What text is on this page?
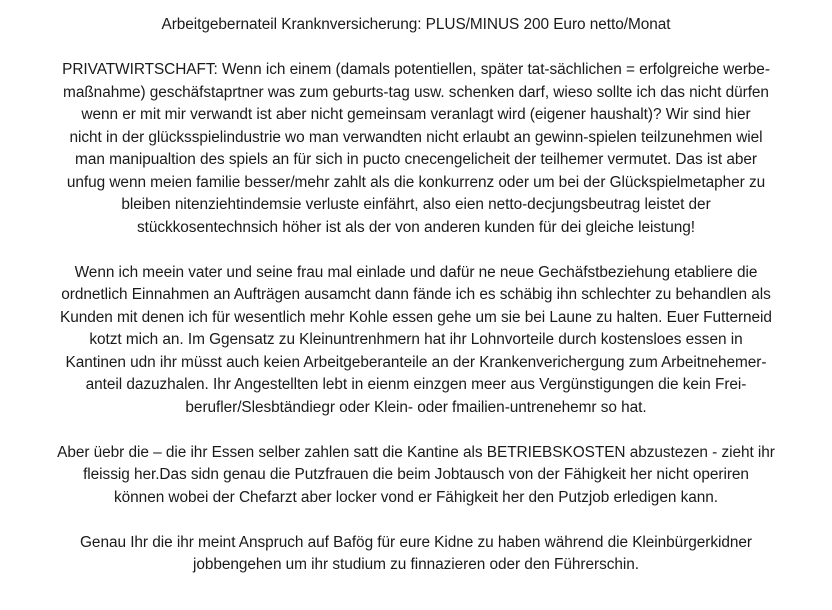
Arbeitgebernateil Kranknversicherung: PLUS/MINUS 200 Euro netto/Monat

PRIVATWIRTSCHAFT: Wenn ich einem (damals potentiellen, später tat-sächlichen = erfolgreiche werbe-
maßnahme) geschäfstaprtner was zum geburts-tag usw. schenken darf, wieso sollte ich das nicht dürfen
wenn er mit mir verwandt ist aber nicht gemeinsam veranlagt wird (eigener haushalt)? Wir sind hier
nicht in der glücksspielindustrie wo man verwandten nicht erlaubt an gewinn-spielen teilzunehmen wiel
man manipualtion des spiels an für sich in pucto cnecengelicheit der teilhemer vermutet. Das ist aber
unfug wenn meien familie besser/mehr zahlt als die konkurrenz oder um bei der Glückspielmetapher zu
bleiben nitenziehtindemsie verluste einfährt, also eien netto-decjungsbeutrag leistet der
stückkosentechnsich höher ist als der von anderen kunden für dei gleiche leistung!

Wenn ich meein vater und seine frau mal einlade und dafür ne neue Gechäfstbeziehung etabliere die
ordnetlich Einnahmen an Aufträgen ausamcht dann fände ich es schäbig ihn schlechter zu behandlen als
Kunden mit denen ich für wesentlich mehr Kohle essen gehe um sie bei Laune zu halten. Euer Futterneid
kotzt mich an. Im Ggensatz zu Kleinuntrenhmern hat ihr Lohnvorteile durch kostensloes essen in
Kantinen udn ihr müsst auch keien Arbeitgeberanteile an der Krankenverichergung zum Arbeitnehemer-
anteil dazuzhalen. Ihr Angestellten lebt in eienm einzgen meer aus Vergünstigungen die kein Frei-
berufler/Slesbtändiegr oder Klein- oder fmailien-untrenehemr so hat.

Aber üebr die – die ihr Essen selber zahlen satt die Kantine als BETRIEBSKOSTEN abzustezen - zieht ihr
fleissig her.Das sidn genau die Putzfrauen die beim Jobtausch von der Fähigkeit her nicht operiren
können wobei der Chefarzt aber locker vond er Fähigkeit her den Putzjob erledigen kann.

Genau Ihr die ihr meint Anspruch auf Bafög für eure Kidne zu haben während die Kleinbürgerkidner
jobbengehen um ihr studium zu finnazieren oder den Führerschin.
